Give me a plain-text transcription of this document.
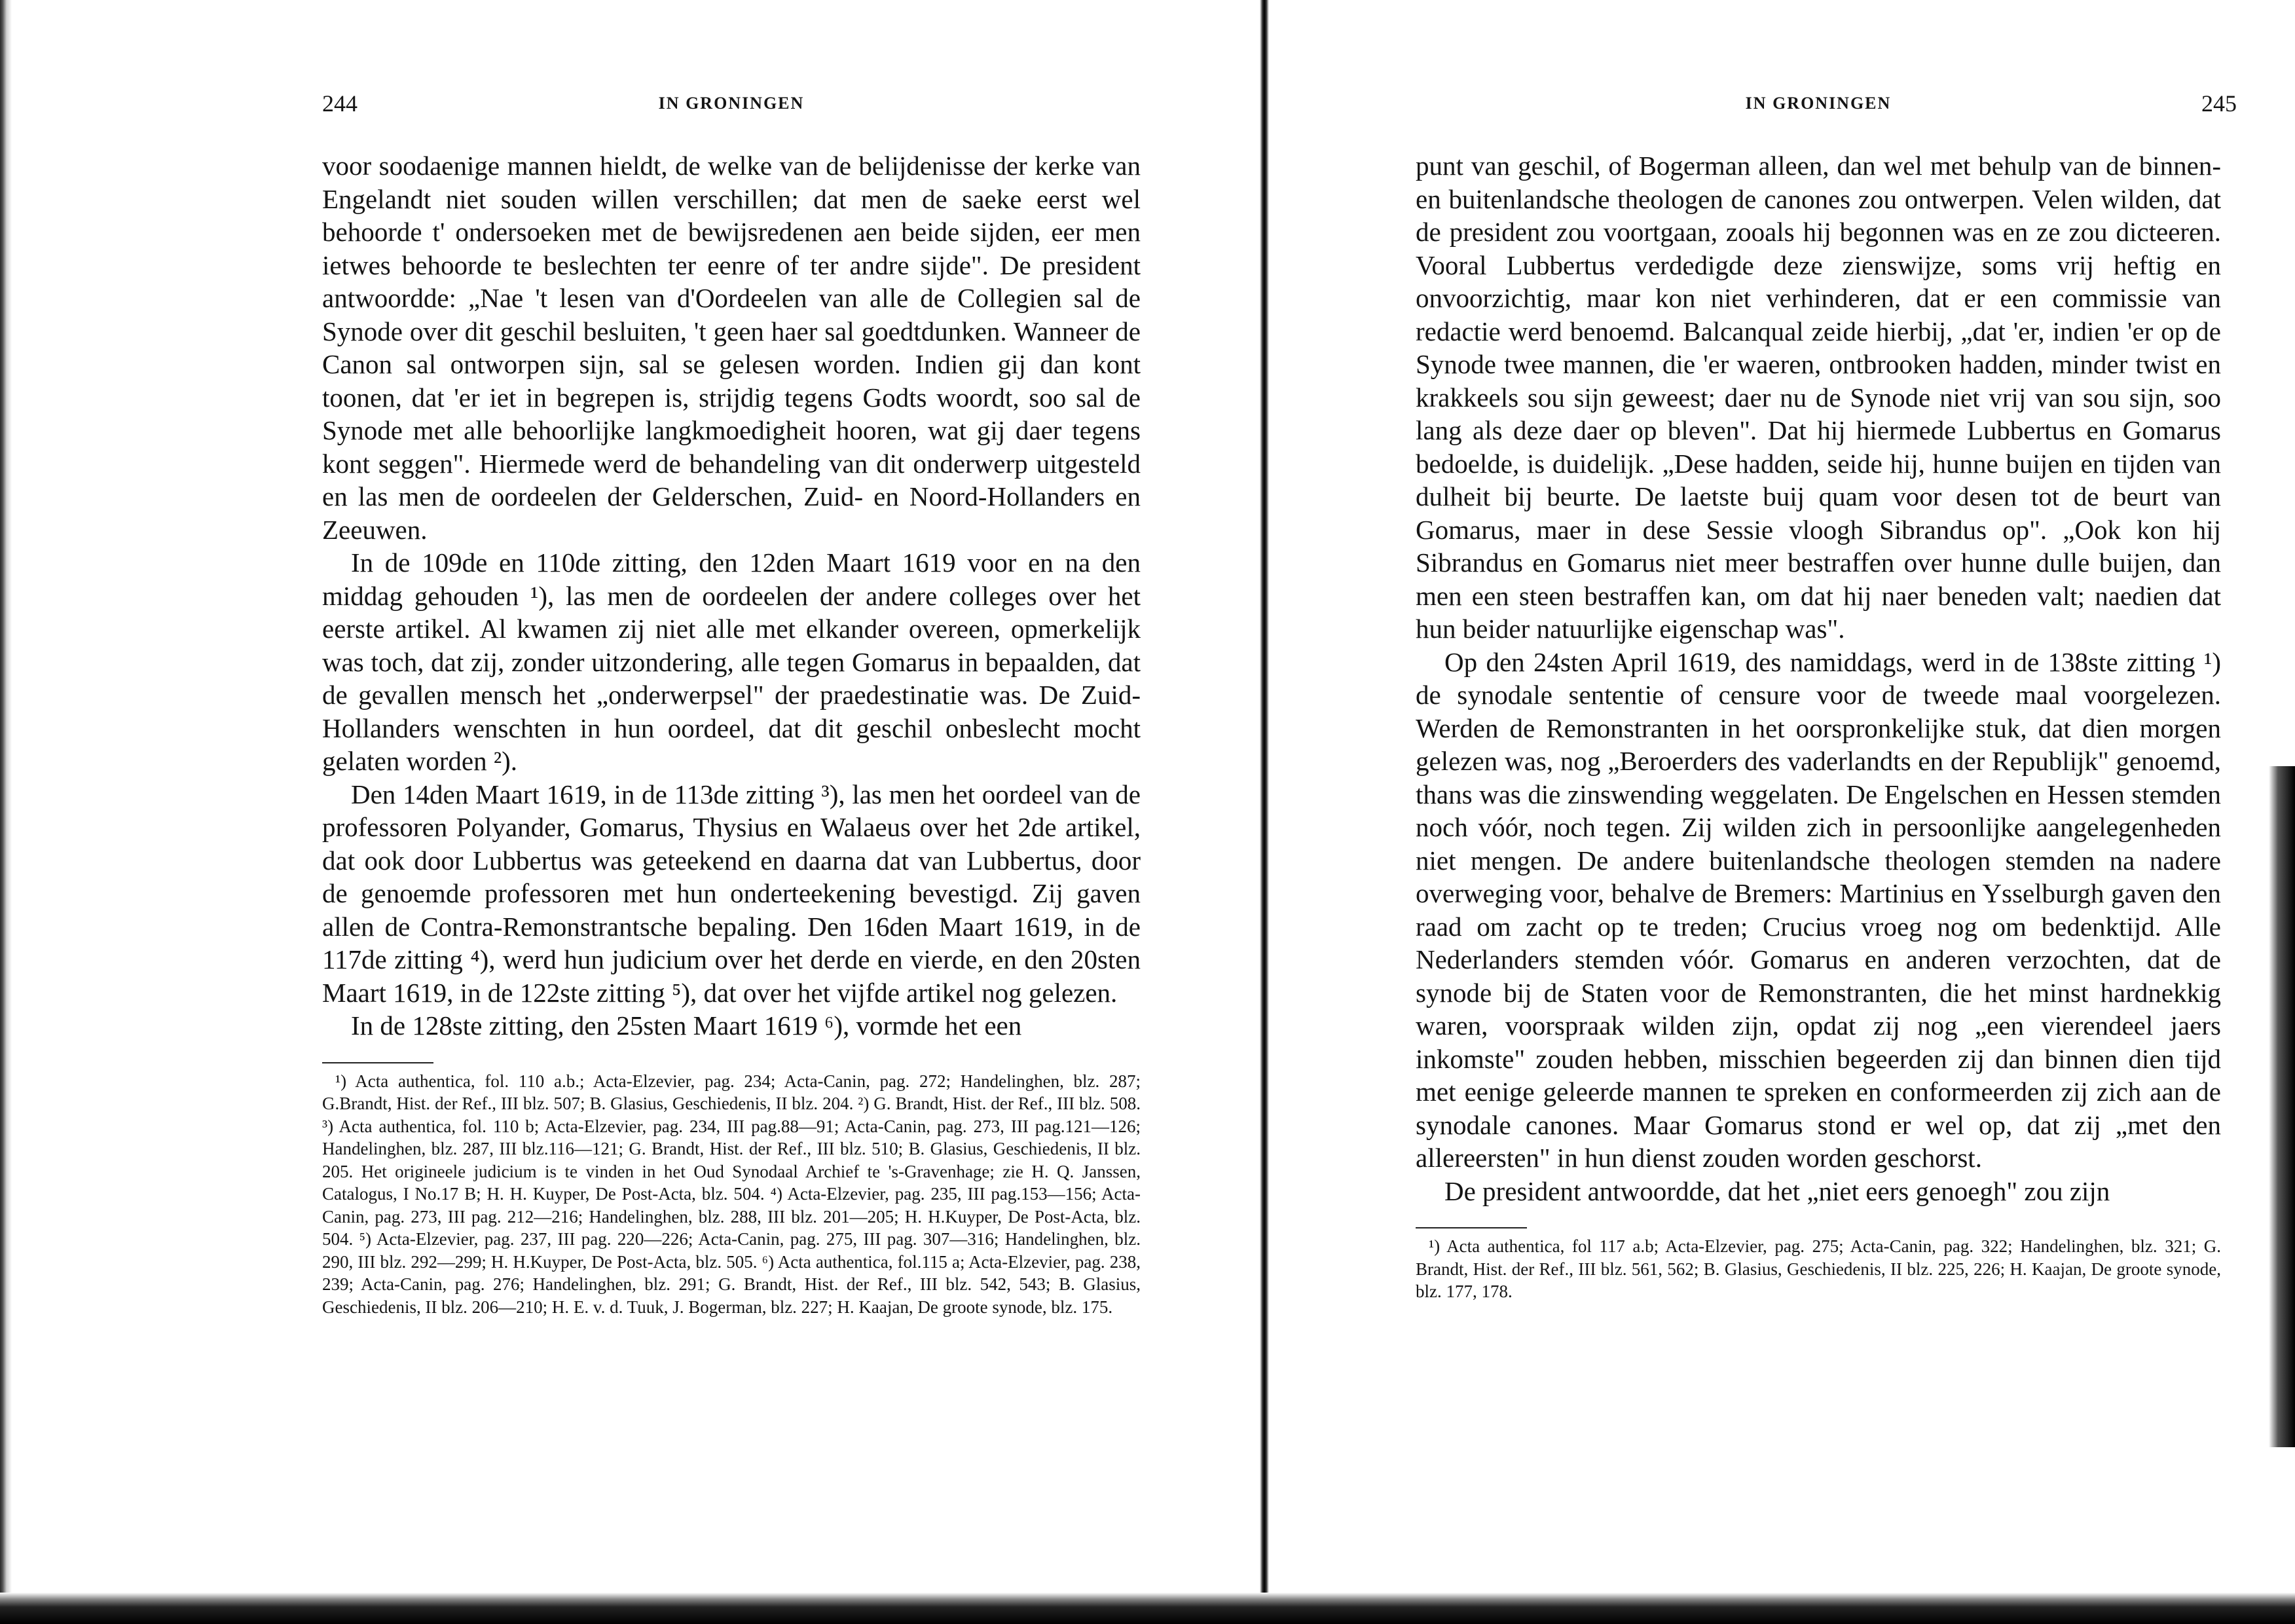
244	IN GRONINGEN

voor soodaenige mannen hieldt, de welke van de belijdenisse der kerke van Engelandt niet souden willen verschillen; dat men de saeke eerst wel behoorde t' ondersoeken met de bewijsredenen aen beide sijden, eer men ietwes behoorde te beslechten ter eenre of ter andre sijde". De president antwoordde: „Nae 't lesen van d'Oordeelen van alle de Collegien sal de Synode over dit geschil besluiten, 't geen haer sal goedtdunken. Wanneer de Canon sal ontworpen sijn, sal se gelesen worden. Indien gij dan kont toonen, dat 'er iet in begrepen is, strijdig tegens Godts woordt, soo sal de Synode met alle behoorlijke langkmoedigheit hooren, wat gij daer tegens kont seggen". Hiermede werd de behandeling van dit onderwerp uitgesteld en las men de oordeelen der Gelderschen, Zuid- en Noord-Hollanders en Zeeuwen.

In de 109de en 110de zitting, den 12den Maart 1619 voor en na den middag gehouden ¹), las men de oordeelen der andere colleges over het eerste artikel. Al kwamen zij niet alle met elkander overeen, opmerkelijk was toch, dat zij, zonder uitzondering, alle tegen Gomarus in bepaalden, dat de gevallen mensch het „onderwerpsel" der praedestinatie was. De Zuid-Hollanders wenschten in hun oordeel, dat dit geschil onbeslecht mocht gelaten worden ²).

Den 14den Maart 1619, in de 113de zitting ³), las men het oordeel van de professoren Polyander, Gomarus, Thysius en Walaeus over het 2de artikel, dat ook door Lubbertus was geteekend en daarna dat van Lubbertus, door de genoemde professoren met hun onderteekening bevestigd. Zij gaven allen de Contra-Remonstrantsche bepaling. Den 16den Maart 1619, in de 117de zitting ⁴), werd hun judicium over het derde en vierde, en den 20sten Maart 1619, in de 122ste zitting ⁵), dat over het vijfde artikel nog gelezen.

In de 128ste zitting, den 25sten Maart 1619 ⁶), vormde het een

¹) Acta authentica, fol. 110 a.b.; Acta-Elzevier, pag. 234; Acta-Canin, pag. 272; Handelinghen, blz. 287; G.Brandt, Hist. der Ref., III blz. 507; B. Glasius, Geschiedenis, II blz. 204. ²) G. Brandt, Hist. der Ref., III blz. 508. ³) Acta authentica, fol. 110 b; Acta-Elzevier, pag. 234, III pag.88—91; Acta-Canin, pag. 273, III pag.121—126; Handelinghen, blz. 287, III blz.116—121; G. Brandt, Hist. der Ref., III blz. 510; B. Glasius, Geschiedenis, II blz. 205. Het origineele judicium is te vinden in het Oud Synodaal Archief te 's-Gravenhage; zie H. Q. Janssen, Catalogus, I No.17 B; H. H. Kuyper, De Post-Acta, blz. 504. ⁴) Acta-Elzevier, pag. 235, III pag.153—156; Acta-Canin, pag. 273, III pag. 212—216; Handelinghen, blz. 288, III blz. 201—205; H. H.Kuyper, De Post-Acta, blz. 504. ⁵) Acta-Elzevier, pag. 237, III pag. 220—226; Acta-Canin, pag. 275, III pag. 307—316; Handelinghen, blz. 290, III blz. 292—299; H. H.Kuyper, De Post-Acta, blz. 505. ⁶) Acta authentica, fol.115 a; Acta-Elzevier, pag. 238, 239; Acta-Canin, pag. 276; Handelinghen, blz. 291; G. Brandt, Hist. der Ref., III blz. 542, 543; B. Glasius, Geschiedenis, II blz. 206—210; H. E. v. d. Tuuk, J. Bogerman, blz. 227; H. Kaajan, De groote synode, blz. 175.

IN GRONINGEN	245

punt van geschil, of Bogerman alleen, dan wel met behulp van de binnen- en buitenlandsche theologen de canones zou ontwerpen. Velen wilden, dat de president zou voortgaan, zooals hij begonnen was en ze zou dicteeren. Vooral Lubbertus verdedigde deze zienswijze, soms vrij heftig en onvoorzichtig, maar kon niet verhinderen, dat er een commissie van redactie werd benoemd. Balcanqual zeide hierbij, „dat 'er, indien 'er op de Synode twee mannen, die 'er waeren, ontbrooken hadden, minder twist en krakkeels sou sijn geweest; daer nu de Synode niet vrij van sou sijn, soo lang als deze daer op bleven". Dat hij hiermede Lubbertus en Gomarus bedoelde, is duidelijk. „Dese hadden, seide hij, hunne buijen en tijden van dulheit bij beurte. De laetste buij quam voor desen tot de beurt van Gomarus, maer in dese Sessie vloogh Sibrandus op". „Ook kon hij Sibrandus en Gomarus niet meer bestraffen over hunne dulle buijen, dan men een steen bestraffen kan, om dat hij naer beneden valt; naedien dat hun beider natuurlijke eigenschap was".

Op den 24sten April 1619, des namiddags, werd in de 138ste zitting ¹) de synodale sententie of censure voor de tweede maal voorgelezen. Werden de Remonstranten in het oorspronkelijke stuk, dat dien morgen gelezen was, nog „Beroerders des vaderlandts en der Republijk" genoemd, thans was die zinswending weggelaten. De Engelschen en Hessen stemden noch vóór, noch tegen. Zij wilden zich in persoonlijke aangelegenheden niet mengen. De andere buitenlandsche theologen stemden na nadere overweging voor, behalve de Bremers: Martinius en Ysselburgh gaven den raad om zacht op te treden; Crucius vroeg nog om bedenktijd. Alle Nederlanders stemden vóór. Gomarus en anderen verzochten, dat de synode bij de Staten voor de Remonstranten, die het minst hardnekkig waren, voorspraak wilden zijn, opdat zij nog „een vierendeel jaers inkomste" zouden hebben, misschien begeerden zij dan binnen dien tijd met eenige geleerde mannen te spreken en conformeerden zij zich aan de synodale canones. Maar Gomarus stond er wel op, dat zij „met den allereersten" in hun dienst zouden worden geschorst.

De president antwoordde, dat het „niet eers genoegh" zou zijn

¹) Acta authentica, fol 117 a.b; Acta-Elzevier, pag. 275; Acta-Canin, pag. 322; Handelinghen, blz. 321; G. Brandt, Hist. der Ref., III blz. 561, 562; B. Glasius, Geschiedenis, II blz. 225, 226; H. Kaajan, De groote synode, blz. 177, 178.
